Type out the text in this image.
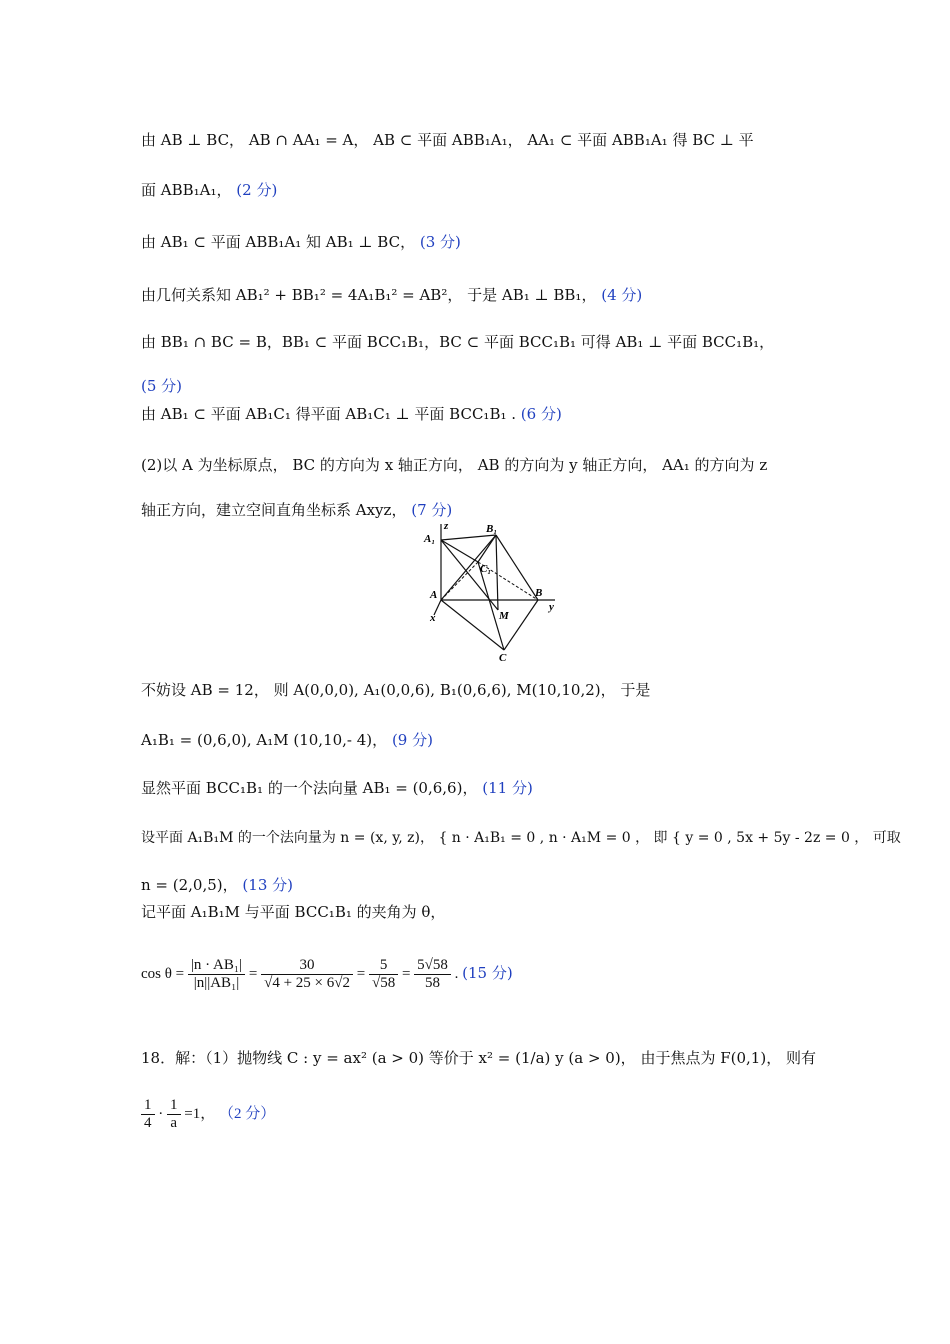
由 AB ⊥ BC， AB ∩ AA₁ = A， AB ⊂ 平面 ABB₁A₁， AA₁ ⊂ 平面 ABB₁A₁ 得 BC ⊥ 平
面 ABB₁A₁， (2 分)
由 AB₁ ⊂ 平面 ABB₁A₁ 知 AB₁ ⊥ BC， (3 分)
由几何关系知 AB₁² + BB₁² = 4A₁B₁² = AB²， 于是 AB₁ ⊥ BB₁， (4 分)
由 BB₁ ∩ BC = B，BB₁ ⊂ 平面 BCC₁B₁，BC ⊂ 平面 BCC₁B₁ 可得 AB₁ ⊥ 平面 BCC₁B₁，
(5 分)
由 AB₁ ⊂ 平面 AB₁C₁ 得平面 AB₁C₁ ⊥ 平面 BCC₁B₁ . (6 分)
(2)以 A 为坐标原点， BC 的方向为 x 轴正方向， AB 的方向为 y 轴正方向， AA₁ 的方向为 z
轴正方向，建立空间直角坐标系 Axyz， (7 分)
z	B₁
A₁
C₁
A	B
y
x	M
C
不妨设 AB = 12， 则 A(0,0,0), A₁(0,0,6), B₁(0,6,6), M(10,10,2)， 于是
A₁B₁ = (0,6,0), A₁M (10,10,- 4)， (9 分)
显然平面 BCC₁B₁ 的一个法向量 AB₁ = (0,6,6)， (11 分)
设平面 A₁B₁M 的一个法向量为 n = (x, y, z)， { n · A₁B₁ = 0 , n · A₁M = 0 ， 即 { y = 0 , 5x + 5y - 2z = 0 ， 可取
n = (2,0,5)， (13 分)
记平面 A₁B₁M 与平面 BCC₁B₁ 的夹角为 θ，
$\cos \theta = \frac{\text{|n · AB₁|}}{\text{|n||AB₁|}} = \frac{30}{√4 + 25 \times 6√2} = \frac{5}{√58} = \frac{5√58}{58}$ . (15 分)
18．解：（1）抛物线 C : y = ax² (a > 0) 等价于 x² = (1/a) y (a > 0)， 由于焦点为 F(0,1)， 则有
$\frac{1}{4} \cdot \frac{1}{a} =1$， （2 分）
